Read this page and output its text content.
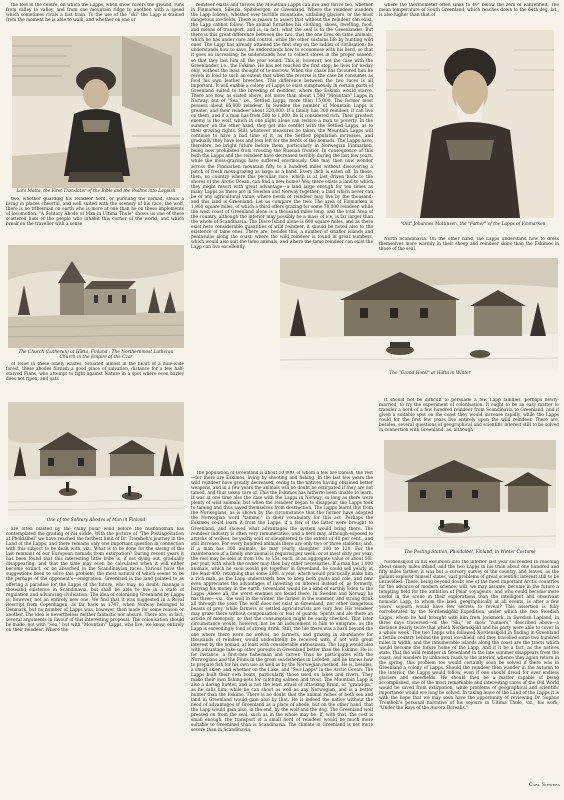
the foot in the centre, on which the Lapps, when snow covers the ground, runs from valley to valley, and from one mountain ridge to another, with a speed which sometimes rivals a fast train. To the use of the "ski" the Lapp is trained from the moment he is able to walk, and whether on one or

Lars Matta, the First Translator of the Bible and the Psalms into Lappish

two, whether guarding his reindeer herd, or pursuing the nomad, steals a living in places cheerful, and well suited with the scenery of his race, the wolf, there is no tribesman on earth who is more at one than he on these implements of locomotion. "A Solitary Abode of Man in Ultima Thule" shows us one of these scattered huts of the people who inhabit this corner of the world, and which break on the traveller with a sense

The Church (Lutheran) at Hätta, Finland : The Northernmost Lutheran Church in the Empire of the Czar

of relief in these lonely wastes. Situated almost in the heart of a mile-wide forest, these abodes furnish a good place of salvation, distance for a few half-starved Finns, who attempt to fight against Nature in a spot where even barley does not ripen, and oats

One of the Solitary Abodes of Man in Finland

are often blasted by the chilly polar wind before the husbandman has contemplated the grading of his sickle. With the picture of "The Posting-Station at Pholdalbel" we have reached the farthest limit of Dr. Tromholt's journey in the Land of the Lapps, and there remains only one important question in connection with this subject to be dealt with, viz., What is to be done for the saving of the last remnant of our European nomads from extirpation? During recent years it has been found that this interesting little tribe is, if not dying out, gradually disappearing, and that the time may even be calculated when it will either become extinct, or be absorbed in the Scandinavian races. Various have the suggestions been to solve this problem, the most natural of which seems to be the perhaps of the opponent's—emigration. Greenland is the land pointed to as offering a paradise for the Lapps of the future, who may, no doubt, manage a thousand existence in Scandinavia, but shall be able to live in a state of regulation and advancing civilisation. The idea of colonising Greenland by Lapps is, however, not an entirely new one. We find that it was suggested in a Royal Rescript from Copenhagen, as far back as 1747, when Norway belonged to Denmark, but no number of Lapps was, however, then made for some reason or another. The idea is nevertheless neither fantastic nor absurd. There are, in fact, several arguments in favour of this interesting proposal. The colonisation should be made, not with "Sea," but with "Mountain" Lapps, who live, we know, entirely on their reindeer. Where the

reindeer exists and thrives the Mountain Lapps can live and thrive too, whether in Finmarken, Siberia, Spitsbergen, or Greenland. Where the reindeer wanders the Lapp follows, whether over terrible mountains, unfailing glaciers, or the most dangerous ice-fields. There is reason to assert that without the reindeer can exist, the Lapp cannot follow. The animal furnishes his clothing, shoes, dwelling, food, and means of transport, and is, in fact, what the seal is to the Greenlander. But there is this great difference between the two, that the one lives on tame animals, which he has under care and control, while the other sustains life by hunting wild ones. The Lapp has already attained the first step on the ladder of civilisation; he understands how to save, he understands how to economise with his herd, so that it goes on increasing; he understands how to collect stores in the proper season, so that they last him all the year round. This is, however, not the case with the Greenlander, i.e., the Eskimo. He has not reached the first step; he lives for to-day only, without the least thought of to-morrow. When the chase has favoured him he revels in food to such an extent that when the reverse is the case he consumes as food his own leather breeches. This difference between the two races is all important. It will enable a colony of Lapps to exist sumptuously in certain parts of Greenland suited to the breeding of reindeer, where the Eskimo would starve. There are now, as stated above, not more than about 1,500 "Mountain" Lapps in Norway, but of "Sea," i.e., Settled Lapps, more than 15,000. The former most possess about 65,000 reindeer. In Sweden the number of Mountain Lapps is greater, and their reindeer about 220,000. If a family has 300 reindeer, it can live on them, and if a man has from 500 to 1,000, he is considered rich. Their greatest enemy is the wolf, which in one night alone can reduce a man to poverty. In the summer, on the other hand, they get into conflict with the Settled Lapps, as to their grazing rights. Still, whatever measures be taken, the Mountain Lapps will continue to have a bad time of it, as the Settled population increases, and gradually they have less and less left for the herds of the nomads. The Lapps have, therefore, no bright future before them, particularly in Norwegian Finmarken, being now prohibited from crossing the Russian frontier. In consequence of this both the Lapps and the reindeer have decreased terribly during the last few years, while the moss-grazings have suffered enormously. One may then now wonder across the Finmarken mountain fifty to a hundred miles without discovering a patch of fresh moss-grazing as large as a hand. Every inch is eaten off. In these, then, no country where this peculiar race, which is at last driven back to the shores of the Arctic Ocean, can find a new home? Yes; there exists a land to which they might resort with great advantage—a land large enough for ten times as many Lapps as there are in Sweden and Norway together; a land which never can be of any agricultural value, where herds of reindeer may live by the thousand; and this land is Greenland. Let us compare the two. The area of Finmarken is 1,860 square miles, of which a third offers grazing for some 70,000 reindeer, while the west coast of Greenland alone is a thousand miles long, and the total area of the country, although the interior may possibly be a mass of ice, is far larger than the whole of Scandinavia. The Disco Island alone is 600 square miles, and as there exist here considerable quantities of wild reindeer, it should be noted also to the existence of tame ones. There are, besides this, a number of smaller islands and peninsulas along the coast, where the wild reindeer is found in great numbers, which would also suit the tame animals; and where the tame reindeer can exist the Lapp can live excellently.

The population of Greenland is about 10,000, of whom a few are Danish, the rest—for there are Eskimos, living by shooting and fishing. In the last few years the wild reindeer have greatly decreased, owing to the natives having obtained better weapons, and in a few years the animals will no doubt be extirpated if they are not tamed, and thus taken care of. This the Eskimos has hitherto been unable to learn. It was at one time also the case with the Lapps in Norway, so long as there were plenty of wild animals; but when the reindeer began to disappear, the Lapps took to taming and thus saved themselves from destruction. The Lapps learnt this from the Norwegians, as is shown by the circumstance that the former have adopted the Norwegian word "tamme," in their vocabulary for this act. Perhaps the Eskimos could learn it from the Lapps, if a few of the latter were brought to Greenland, and showed what advantages the system would bring there. The reindeer industry is often very remunerative, and a herd may, although exposed to attacks of wolves, be yearly sold or slaughtered to the extent of 40 per cent., and still increase. For every hundred animals there are only two or three stallions; and, if a man has 300 animals, he may yearly slaughter 100 to 120. For the maintenance of a family one animal is required per week, or at most sixty per year; the rest may be sold at from 10s. to 15s. each, at an aggregate value of about 50l. per year, with which the owner may then buy other necessaries. If a man has 1,000 animals, which he soon would get together in Greenland, he could sell yearly at the least 400, returning thus some 200l. a year, which would practically make him a rich man, as the Lapp understands how to keep both goats and cole, and now even appreciates the advantages of investing on interest instead of, as formerly, burying his money in the earth. Greenland would be a kind of earthly Eden to the Lapps. Above all, the worst enemies are found there. In Sweden and Norway he has three—viz., the wolf in the winter, the farmer in the summer, and strong drink all through the year. The wolf does not exist in Greenland, nor other dangerous beasts of prey, while farmers or settled agriculturists are very few. His reindeer may graze there without compensation or fear of guards. Spirits and ale there an article of monopoly, so that the consumption might be easily checked. That later circumstance would, however, not be an inducement to him to emigrate, as the Lapp is exceedingly fond of strong drink. Still, the life there was a hard beyond the one where there were no wolves, no farmers, and grazing in abundance for thousands of reindeer, would undoubtedly be received with, if not with great interest by the nomad, at least with considerable enthusiasm. The Lapp would also with advantage take up other pursuits in Greenland better than the Eskimo. He is, for instance, a first-rate fisherman and carver. Thus he participates with the Norwegians and the Finns in the great sea-fisheries in Lofoden, and he knows how to prepare fish for his own use as well as by the Norwegian method. He is, besides, a smart skier; and whether on the Lake, and "Sea Lapps" in the Arctic Ocean. The Lapps built their own boats, particularly those used on lakes and rivers. They make their own fishing-nets for catching salmon and trout. The Mountain Lapp is also a daring hunter, and is not the least afraid of attacking Bruin, or "grand-pa," as he calls him; while he can shoot as well as any Norwegian, and is a better hunter than the Eskimo. There is no doubt that the animal riches of both sea and land in Greenland would gain also by that. He is indeed the native without the need of advantages of Greenland as a place of abode, but on the other hand, that the Lapp would gain also, in the end, by the wolf and the dog. The Greenland wolf pressed on from the seal, such as in the whole may be. If, with that, the cost is small enough, the transport of a small herd of reindeer would be much more suitable to Greenland than is Scandinavia. The climate in Greenland is not more severe than in Scandinavia,

where the thermometer often sinks to 40° below the zero of Fahrenheit. The mean temperature of South Greenland, which reaches down to the 64th deg. lat., is also higher than that of

"Old" Johannes Mattinsen, the "Father" of the Lapps of Finmarken

North Scandinavia. On the other hand, the Lapps understand how to dress themselves more warmly in their sheep and reindeer skins than the Eskimos in those of the seal.

The "Grand Hotel" at Hätta in Winter

It should not be difficult to persuade a few Lapp families, perhaps newly-married, to try the experiment of colonisation. It ought to be an easy matter to transfer a herd of a few hundred reindeer from Scandinavia to Greenland, and if given a suitable spot on the coast they would increase rapidly, while the Lapps could for the first few years live entirely upon the wild reindeer. There are, besides, several questions of geographical and scientific interest still to be solved in connection with Greenland, as, although

The Posting-Station, Pholdalbel, Finland, in Winter Costume

Nordenskjöld in his excursion into the interior last year succeeded in reaching about ninety miles inland, and the two Lapps in his train about one hundred and fifty miles farther, it was but a cursory survey of the country, and leaves, as the gallant explorer himself states, vast problems of great scientific interest still to be unravelled. These, being beyond doubt one of the most important Arctic countries for the advance of modern science, will, we may assume, become in the future a tempting field for the ambition of Polar voyageurs, and who could become more useful in the scene in their explorations than the intelligent and observant nomadic Lapp, to whom the land, geographically at all events, is after a few years' sojourn would have few secrets to reveal? This assertion is fully corroborated by the Nordenskjöld Expedition, under which the two Swedish Lapps, whom he had brought with him from Jockmock, in Swedish Lapland, in three days traversed—on the "Ski," or snow "runners," described above—a distance nearly twice that which Nordenskjöld and his party were able to cover in a whole week. The two Lapps who followed Nordenskjöld in finding in Greenland a fertile country behind the great ice-shield, and they travelled some two hundred miles in width, and the innumerable islands along the coast are the tracts which would become the future home of the Lapp. And if it be a fact, as the natives state, that the wild reindeer in Greenland in the late summer disappears from the coast, and wanders by unknown roads to the interior, whence they again return in the spring, this problem too would certainly soon be solved if there was in Greenland a colony of Lapps. Should the reindeer then wander in the autumn to the interior, the Lapps would follow, even if one should dread for ever endless glaciers and snowfields. We should then be a matter capable of being accomplished, one of the most remarkable and interesting races of the Old World would be saved from extirpation, while problems of geographical and scientific importance would ere long be solved. In taking leave of the Land of the Lapps it is with the hope that we may soon have the opportunity of reviewing Dr. Sophus Tromholt's personal narrative of his sojourn in Ultima Thule, viz., his work, "Under the Rays of the Aurora Borealis."

Carl Siewers
